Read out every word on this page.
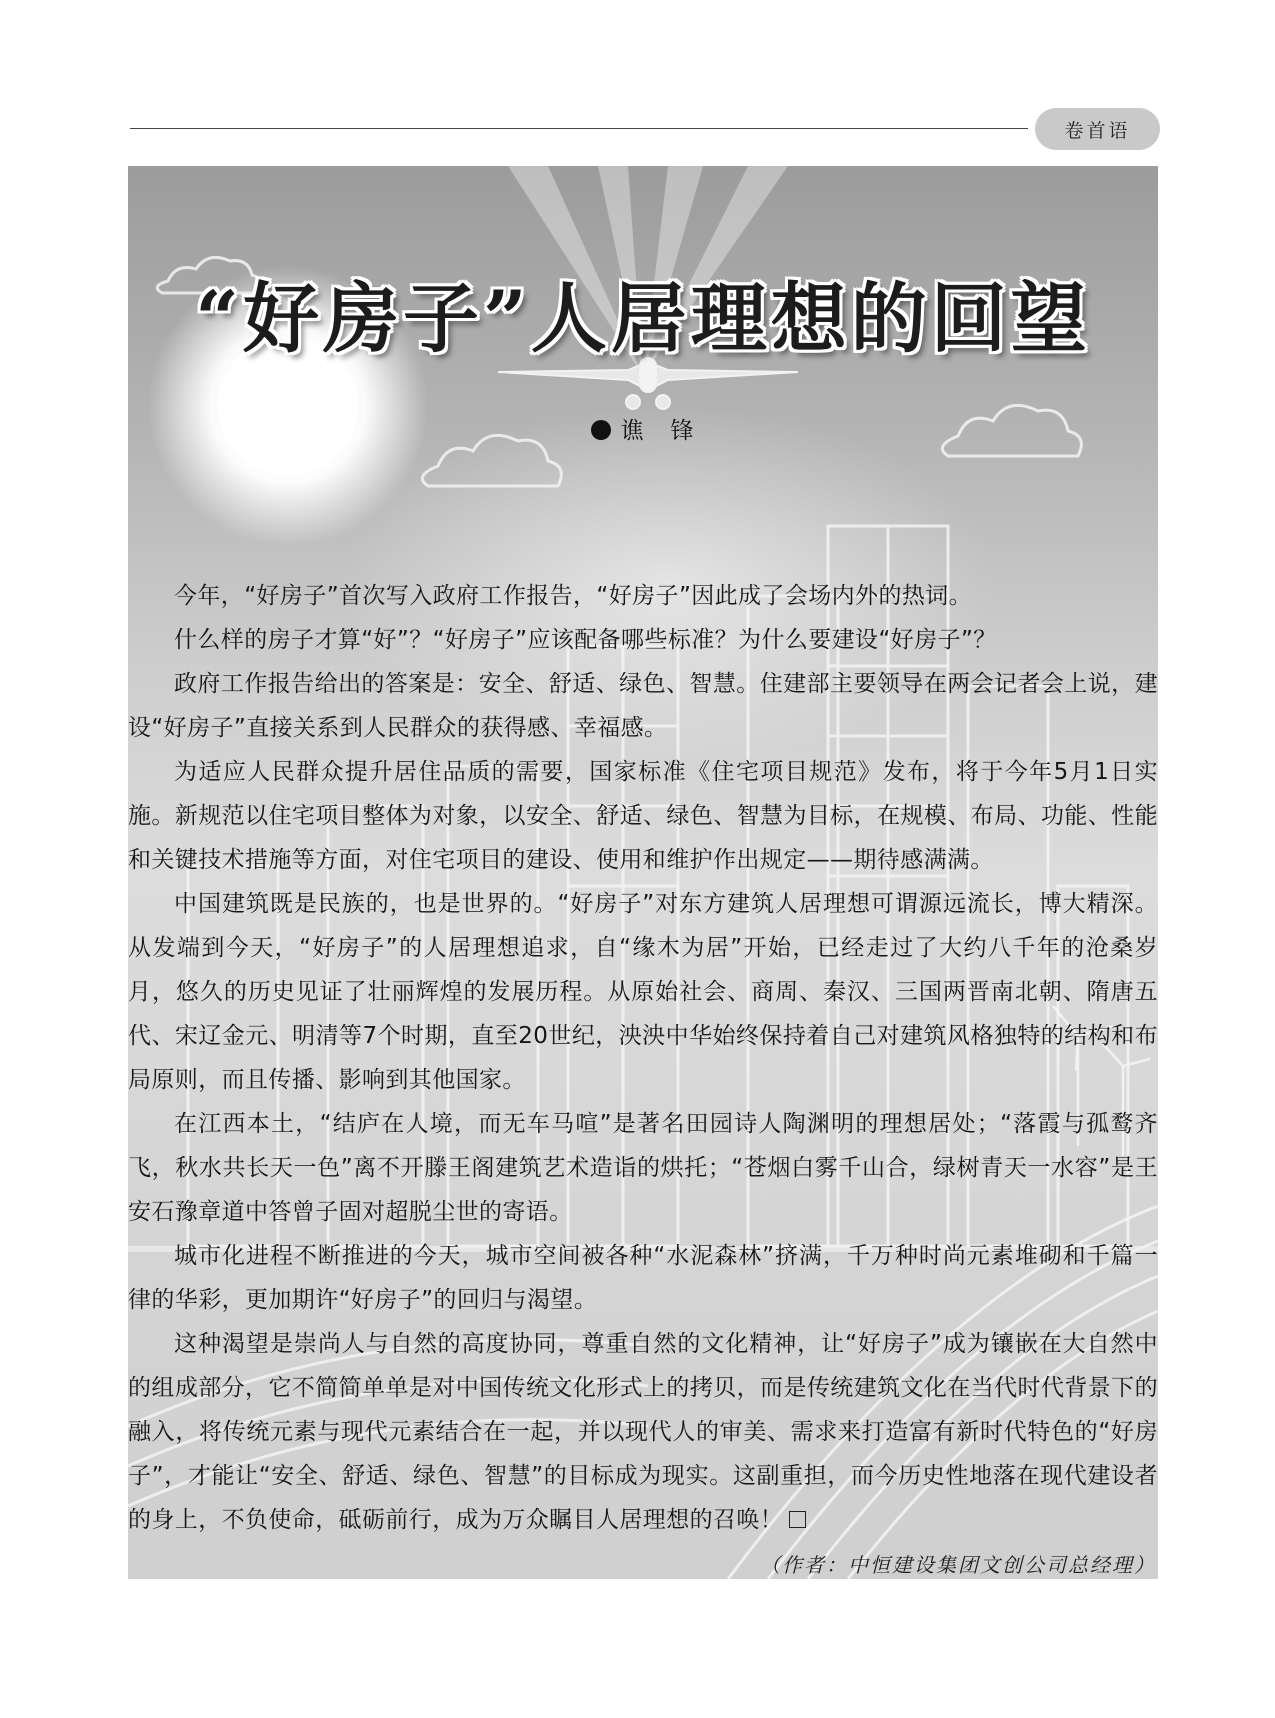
卷首语
“好房子”人居理想的回望
谯　锋

今年，“好房子”首次写入政府工作报告，“好房子”因此成了会场内外的热词。

什么样的房子才算“好”？“好房子”应该配备哪些标准？为什么要建设“好房子”？

政府工作报告给出的答案是：安全、舒适、绿色、智慧。住建部主要领导在两会记者会上说，建设“好房子”直接关系到人民群众的获得感、幸福感。

为适应人民群众提升居住品质的需要，国家标准《住宅项目规范》发布，将于今年5月1日实施。新规范以住宅项目整体为对象，以安全、舒适、绿色、智慧为目标，在规模、布局、功能、性能和关键技术措施等方面，对住宅项目的建设、使用和维护作出规定——期待感满满。

中国建筑既是民族的，也是世界的。“好房子”对东方建筑人居理想可谓源远流长，博大精深。从发端到今天，“好房子”的人居理想追求，自“缘木为居”开始，已经走过了大约八千年的沧桑岁月，悠久的历史见证了壮丽辉煌的发展历程。从原始社会、商周、秦汉、三国两晋南北朝、隋唐五代、宋辽金元、明清等7个时期，直至20世纪，泱泱中华始终保持着自己对建筑风格独特的结构和布局原则，而且传播、影响到其他国家。

在江西本土，“结庐在人境，而无车马喧”是著名田园诗人陶渊明的理想居处；“落霞与孤鹜齐飞，秋水共长天一色”离不开滕王阁建筑艺术造诣的烘托；“苍烟白雾千山合，绿树青天一水容”是王安石豫章道中答曾子固对超脱尘世的寄语。

城市化进程不断推进的今天，城市空间被各种“水泥森林”挤满，千万种时尚元素堆砌和千篇一律的华彩，更加期许“好房子”的回归与渴望。

这种渴望是崇尚人与自然的高度协同，尊重自然的文化精神，让“好房子”成为镶嵌在大自然中的组成部分，它不简简单单是对中国传统文化形式上的拷贝，而是传统建筑文化在当代时代背景下的融入，将传统元素与现代元素结合在一起，并以现代人的审美、需求来打造富有新时代特色的“好房子”，才能让“安全、舒适、绿色、智慧”的目标成为现实。这副重担，而今历史性地落在现代建设者的身上，不负使命，砥砺前行，成为万众瞩目人居理想的召唤！

（作者：中恒建设集团文创公司总经理）
